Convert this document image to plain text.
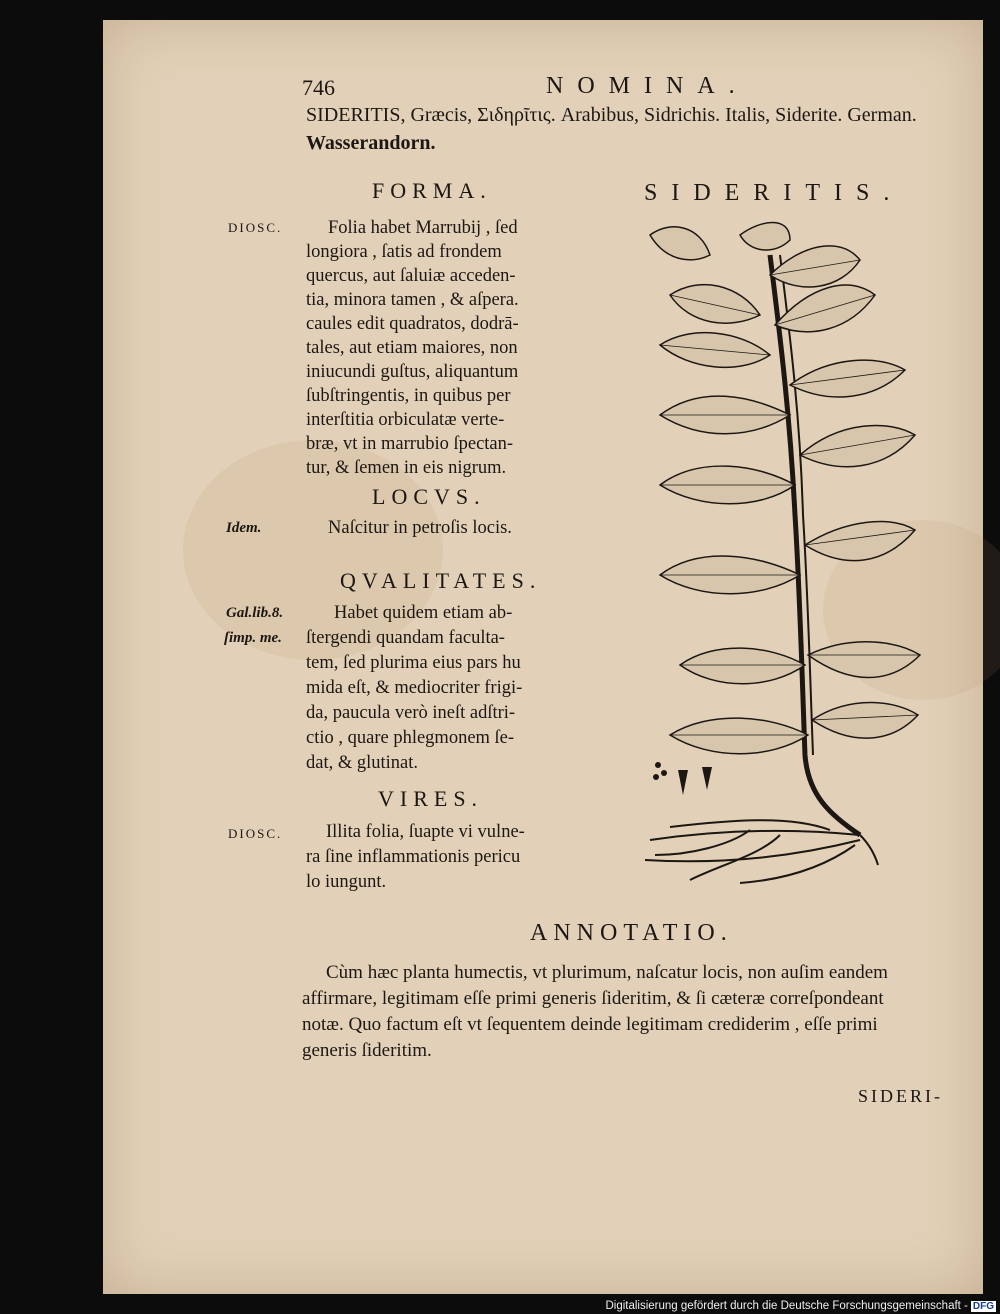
746	NOMINA.
SIDERITIS, Græcis, Σιδηρῖτις. Arabibus, Sidrichis. Italis, Siderite. German.
Wasserandorn.
FORMA.
DIOSC. Folia habet Marrubij , ſed
longiora , ſatis ad frondem
quercus, aut ſaluiæ acceden-
tia, minora tamen , & aſpera.
caules edit quadratos, dodrā-
tales, aut etiam maiores, non
iniucundi guſtus, aliquantum
ſubſtringentis, in quibus per
interſtitia orbiculatæ verte-
bræ, vt in marrubio ſpectan-
tur, & ſemen in eis nigrum.
LOCVS.
Idem.	Naſcitur in petroſis locis.
QVALITATES.
Gal.lib.8.
ſimp. me.
Habet quidem etiam ab-
ſtergendi quandam faculta-
tem, ſed plurima eius pars hu
mida eſt, & mediocriter frigi-
da, paucula verò ineſt adſtri-
ctio , quare phlegmonem ſe-
dat, & glutinat.
VIRES.
DIOSC. Illita folia, ſuapte vi vulne-
ra ſine inflammationis pericu
lo iungunt.
SIDERITIS.
ANNOTATIO.
Cùm hæc planta humectis, vt plurimum, naſcatur locis, non auſim eandem
affirmare, legitimam eſſe primi generis ſideritim, & ſi cæteræ correſpondeant
notæ. Quo factum eſt vt ſequentem deinde legitimam crediderim , eſſe primi
generis ſideritim.
SIDERI-
Digitalisierung gefördert durch die Deutsche Forschungsgemeinschaft - DFG
